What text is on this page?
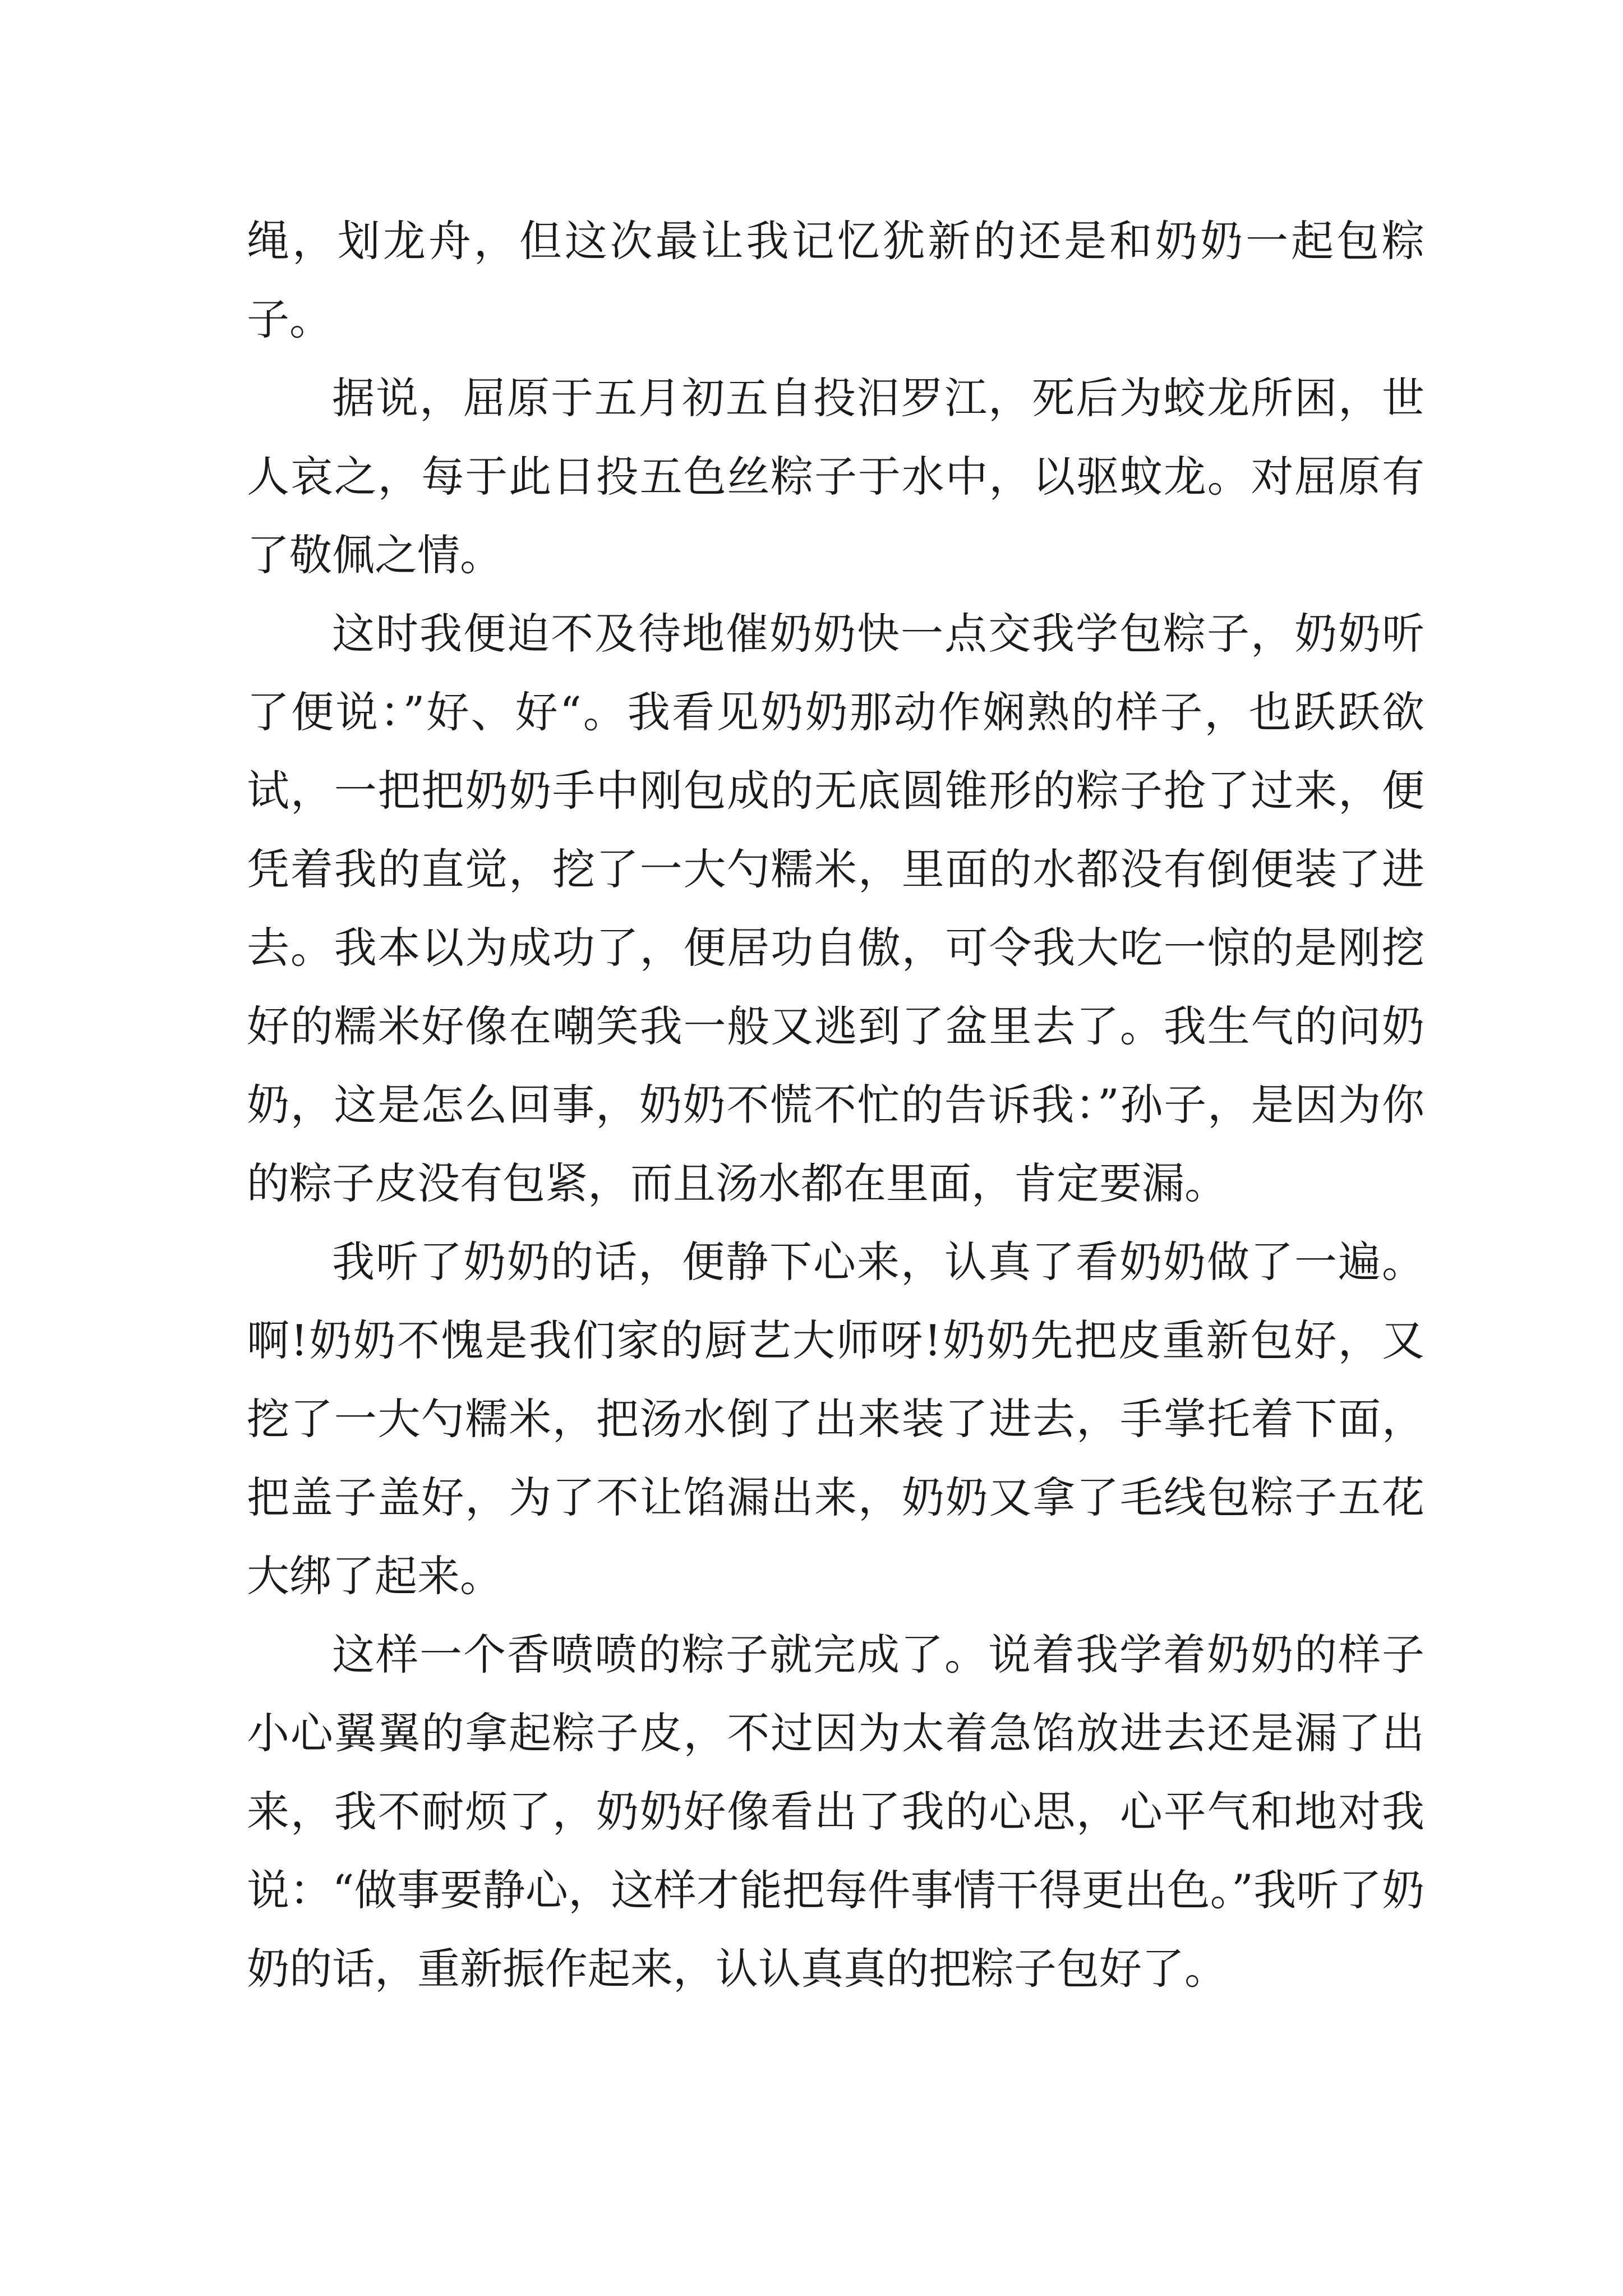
绳，划龙舟，但这次最让我记忆犹新的还是和奶奶一起包粽子。

据说，屈原于五月初五自投汨罗江，死后为蛟龙所困，世人哀之，每于此日投五色丝粽子于水中，以驱蚊龙。对屈原有了敬佩之情。

这时我便迫不及待地催奶奶快一点交我学包粽子，奶奶听了便说：”好、好“。我看见奶奶那动作娴熟的样子，也跃跃欲试，一把把奶奶手中刚包成的无底圆锥形的粽子抢了过来，便凭着我的直觉，挖了一大勺糯米，里面的水都没有倒便装了进去。我本以为成功了，便居功自傲，可令我大吃一惊的是刚挖好的糯米好像在嘲笑我一般又逃到了盆里去了。我生气的问奶奶，这是怎么回事，奶奶不慌不忙的告诉我：”孙子，是因为你的粽子皮没有包紧，而且汤水都在里面，肯定要漏。

我听了奶奶的话，便静下心来，认真了看奶奶做了一遍。啊!奶奶不愧是我们家的厨艺大师呀!奶奶先把皮重新包好，又挖了一大勺糯米，把汤水倒了出来装了进去，手掌托着下面，把盖子盖好，为了不让馅漏出来，奶奶又拿了毛线包粽子五花大绑了起来。

这样一个香喷喷的粽子就完成了。说着我学着奶奶的样子小心翼翼的拿起粽子皮，不过因为太着急馅放进去还是漏了出来，我不耐烦了，奶奶好像看出了我的心思，心平气和地对我说：“做事要静心，这样才能把每件事情干得更出色。”我听了奶奶的话，重新振作起来，认认真真的把粽子包好了。
